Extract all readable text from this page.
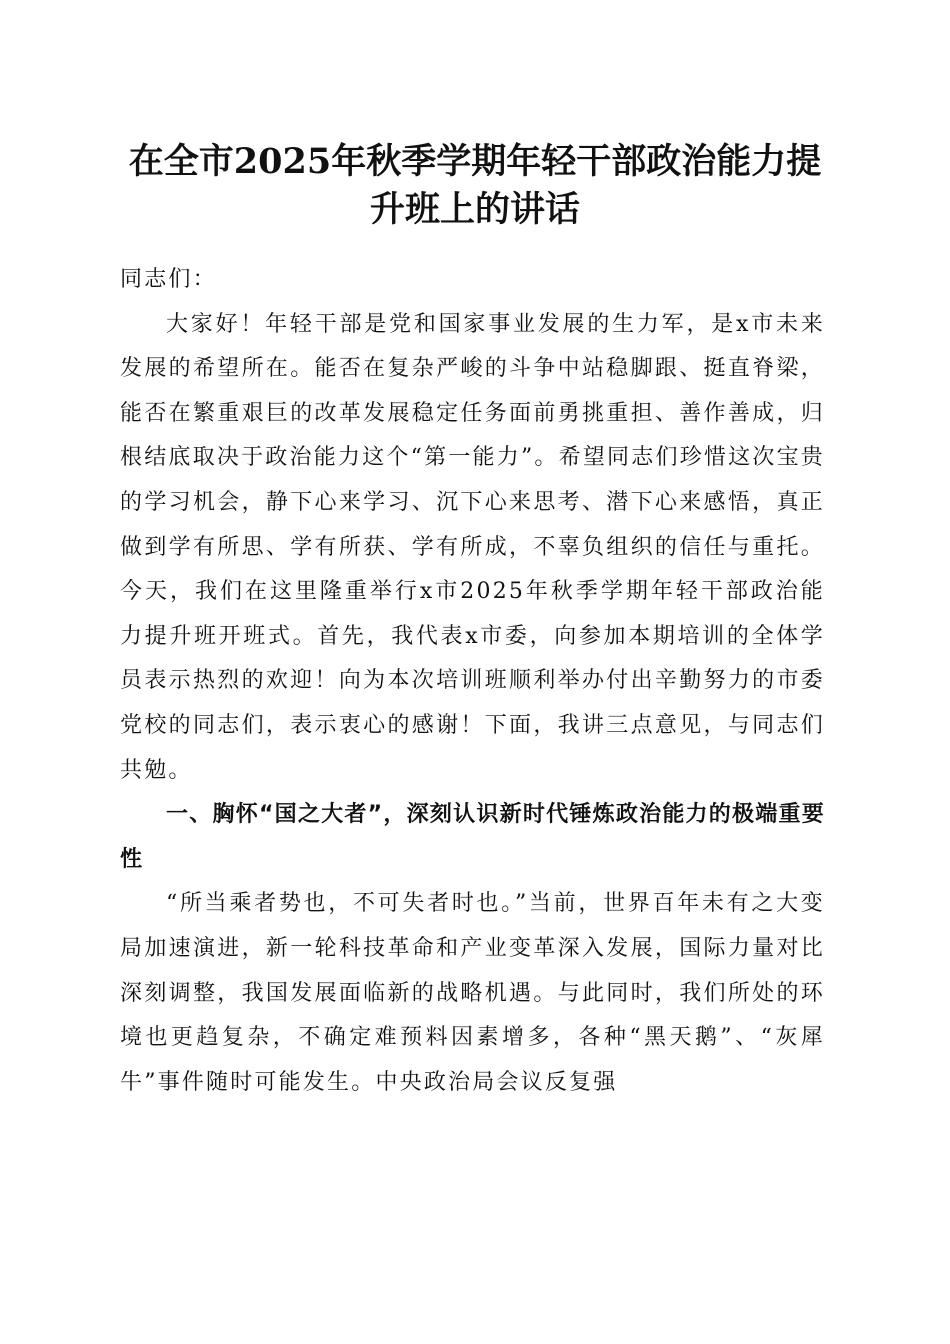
在全市2025年秋季学期年轻干部政治能力提升班上的讲话

同志们：

大家好！年轻干部是党和国家事业发展的生力军，是x市未来发展的希望所在。能否在复杂严峻的斗争中站稳脚跟、挺直脊梁，能否在繁重艰巨的改革发展稳定任务面前勇挑重担、善作善成，归根结底取决于政治能力这个“第一能力”。希望同志们珍惜这次宝贵的学习机会，静下心来学习、沉下心来思考、潜下心来感悟，真正做到学有所思、学有所获、学有所成，不辜负组织的信任与重托。今天，我们在这里隆重举行x市2025年秋季学期年轻干部政治能力提升班开班式。首先，我代表x市委，向参加本期培训的全体学员表示热烈的欢迎！向为本次培训班顺利举办付出辛勤努力的市委党校的同志们，表示衷心的感谢！下面，我讲三点意见，与同志们共勉。

一、胸怀“国之大者”，深刻认识新时代锤炼政治能力的极端重要性

“所当乘者势也，不可失者时也。”当前，世界百年未有之大变局加速演进，新一轮科技革命和产业变革深入发展，国际力量对比深刻调整，我国发展面临新的战略机遇。与此同时，我们所处的环境也更趋复杂，不确定难预料因素增多，各种“黑天鹅”、“灰犀牛”事件随时可能发生。中央政治局会议反复强
